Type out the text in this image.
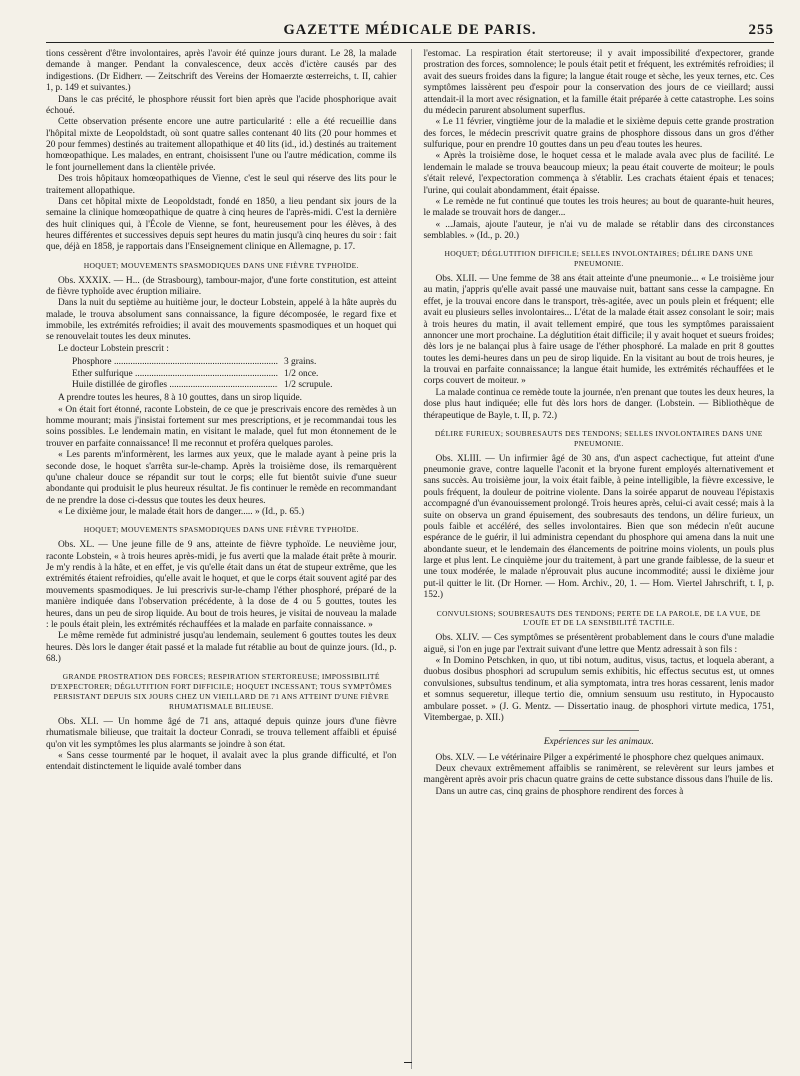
GAZETTE MÉDICALE DE PARIS.	255

tions cessèrent d'être involontaires, après l'avoir été quinze jours durant. Le 28, la malade demande à manger. Pendant la convalescence, deux accès d'ictère causés par des indigestions. (Dr Eidherr. — Zeitschrift des Vereins der Homaerzte œsterreichs, t. II, cahier 1, p. 149 et suivantes.)

Dans le cas précité, le phosphore réussit fort bien après que l'acide phosphorique avait échoué.

Cette observation présente encore une autre particularité : elle a été recueillie dans l'hôpital mixte de Leopoldstadt, où sont quatre salles contenant 40 lits (20 pour hommes et 20 pour femmes) destinés au traitement allopathique et 40 lits (id., id.) destinés au traitement homœopathique. Les malades, en entrant, choisissent l'une ou l'autre médication, comme ils le font journellement dans la clientèle privée.

Des trois hôpitaux homœopathiques de Vienne, c'est le seul qui réserve des lits pour le traitement allopathique.

Dans cet hôpital mixte de Leopoldstadt, fondé en 1850, a lieu pendant six jours de la semaine la clinique homœopathique de quatre à cinq heures de l'après-midi. C'est la dernière des huit cliniques qui, à l'École de Vienne, se font, heureusement pour les élèves, à des heures différentes et successives depuis sept heures du matin jusqu'à cinq heures du soir : fait que, déjà en 1858, je rapportais dans l'Enseignement clinique en Allemagne, p. 17.

HOQUET; MOUVEMENTS SPASMODIQUES DANS UNE FIÈVRE TYPHOÏDE.

Obs. XXXIX. — H... (de Strasbourg), tambour-major, d'une forte constitution, est atteint de fièvre typhoïde avec éruption miliaire.

Dans la nuit du septième au huitième jour, le docteur Lobstein, appelé à la hâte auprès du malade, le trouva absolument sans connaissance, la figure décomposée, le regard fixe et immobile, les extrémités refroidies; il avait des mouvements spasmodiques et un hoquet qui se renouvelait toutes les deux minutes.

Le docteur Lobstein prescrit :

Phosphore .....	3 grains.
Ether sulfurique .....	1/2 once.
Huile distillée de girofles .....	1/2 scrupule.

A prendre toutes les heures, 8 à 10 gouttes, dans un sirop liquide.

« On était fort étonné, raconte Lobstein, de ce que je prescrivais encore des remèdes à un homme mourant; mais j'insistai fortement sur mes prescriptions, et je recommandai tous les soins possibles. Le lendemain matin, en visitant le malade, quel fut mon étonnement de le trouver en parfaite connaissance! Il me reconnut et proféra quelques paroles.

« Les parents m'informèrent, les larmes aux yeux, que le malade ayant à peine pris la seconde dose, le hoquet s'arrêta sur-le-champ. Après la troisième dose, ils remarquèrent qu'une chaleur douce se répandit sur tout le corps; elle fut bientôt suivie d'une sueur abondante qui produisit le plus heureux résultat. Je fis continuer le remède en recommandant de ne prendre la dose ci-dessus que toutes les deux heures.

« Le dixième jour, le malade était hors de danger..... » (Id., p. 65.)

HOQUET; MOUVEMENTS SPASMODIQUES DANS UNE FIÈVRE TYPHOÏDE.

Obs. XL. — Une jeune fille de 9 ans, atteinte de fièvre typhoïde. Le neuvième jour, raconte Lobstein, « à trois heures après-midi, je fus averti que la malade était prête à mourir. Je m'y rendis à la hâte, et en effet, je vis qu'elle était dans un état de stupeur extrême, que les extrémités étaient refroidies, qu'elle avait le hoquet, et que le corps était souvent agité par des mouvements spasmodiques. Je lui prescrivis sur-le-champ l'éther phosphoré, préparé de la manière indiquée dans l'observation précédente, à la dose de 4 ou 5 gouttes, toutes les heures, dans un peu de sirop liquide. Au bout de trois heures, je visitai de nouveau la malade : le pouls était plein, les extrémités réchauffées et la malade en parfaite connaissance. »

Le même remède fut administré jusqu'au lendemain, seulement 6 gouttes toutes les deux heures. Dès lors le danger était passé et la malade fut rétablie au bout de quinze jours. (Id., p. 68.)

GRANDE PROSTRATION DES FORCES; RESPIRATION STERTOREUSE; IMPOSSIBILITÉ D'EXPECTORER; DÉGLUTITION FORT DIFFICILE; HOQUET INCESSANT; TOUS SYMPTÔMES PERSISTANT DEPUIS SIX JOURS CHEZ UN VIEILLARD DE 71 ANS ATTEINT D'UNE FIÈVRE RHUMATISMALE BILIEUSE.

Obs. XLI. — Un homme âgé de 71 ans, attaqué depuis quinze jours d'une fièvre rhumatismale bilieuse, que traitait la docteur Conradi, se trouva tellement affaibli et épuisé qu'on vit les symptômes les plus alarmants se joindre à son état.

« Sans cesse tourmenté par le hoquet, il avalait avec la plus grande difficulté, et l'on entendait distinctement le liquide avalé tomber dans

l'estomac. La respiration était stertoreuse; il y avait impossibilité d'expectorer, grande prostration des forces, somnolence; le pouls était petit et fréquent, les extrémités refroidies; il avait des sueurs froides dans la figure; la langue était rouge et sèche, les yeux ternes, etc. Ces symptômes laissèrent peu d'espoir pour la conservation des jours de ce vieillard; aussi attendait-il la mort avec résignation, et la famille était préparée à cette catastrophe. Les soins du médecin parurent absolument superflus.

« Le 11 février, vingtième jour de la maladie et le sixième depuis cette grande prostration des forces, le médecin prescrivit quatre grains de phosphore dissous dans un gros d'éther sulfurique, pour en prendre 10 gouttes dans un peu d'eau toutes les heures.

« Après la troisième dose, le hoquet cessa et le malade avala avec plus de facilité. Le lendemain le malade se trouva beaucoup mieux; la peau était couverte de moiteur; le pouls s'était relevé, l'expectoration commença à s'établir. Les crachats étaient épais et tenaces; l'urine, qui coulait abondamment, était épaisse.

« Le remède ne fut continué que toutes les trois heures; au bout de quarante-huit heures, le malade se trouvait hors de danger...

« ...Jamais, ajoute l'auteur, je n'ai vu de malade se rétablir dans des circonstances semblables. » (Id., p. 20.)

HOQUET; DÉGLUTITION DIFFICILE; SELLES INVOLONTAIRES; DÉLIRE DANS UNE PNEUMONIE.

Obs. XLII. — Une femme de 38 ans était atteinte d'une pneumonie... « Le troisième jour au matin, j'appris qu'elle avait passé une mauvaise nuit, battant sans cesse la campagne. En effet, je la trouvai encore dans le transport, très-agitée, avec un pouls plein et fréquent; elle avait eu plusieurs selles involontaires... L'état de la malade était assez consolant le soir; mais à trois heures du matin, il avait tellement empiré, que tous les symptômes paraissaient annoncer une mort prochaine. La déglutition était difficile; il y avait hoquet et sueurs froides; dès lors je ne balançai plus à faire usage de l'éther phosphoré. La malade en prit 8 gouttes toutes les demi-heures dans un peu de sirop liquide. En la visitant au bout de trois heures, je la trouvai en parfaite connaissance; la langue était humide, les extrémités réchauffées et le corps couvert de moiteur. »

La malade continua ce remède toute la journée, n'en prenant que toutes les deux heures, la dose plus haut indiquée; elle fut dès lors hors de danger. (Lobstein. — Bibliothèque de thérapeutique de Bayle, t. II, p. 72.)

DÉLIRE FURIEUX; SOUBRESAUTS DES TENDONS; SELLES INVOLONTAIRES DANS UNE PNEUMONIE.

Obs. XLIII. — Un infirmier âgé de 30 ans, d'un aspect cachectique, fut atteint d'une pneumonie grave, contre laquelle l'aconit et la bryone furent employés alternativement et sans succès. Au troisième jour, la voix était faible, à peine intelligible, la fièvre excessive, le pouls fréquent, la douleur de poitrine violente. Dans la soirée apparut de nouveau l'épistaxis accompagné d'un évanouissement prolongé. Trois heures après, celui-ci avait cessé; mais à la suite on observa un grand épuisement, des soubresauts des tendons, un délire furieux, un pouls faible et accéléré, des selles involontaires. Bien que son médecin n'eût aucune espérance de le guérir, il lui administra cependant du phosphore qui amena dans la nuit une abondante sueur, et le lendemain des élancements de poitrine moins violents, un pouls plus large et plus lent. Le cinquième jour du traitement, à part une grande faiblesse, de la sueur et une toux modérée, le malade n'éprouvait plus aucune incommodité; aussi le dixième jour put-il quitter le lit. (Dr Horner. — Hom. Archiv., 20, 1. — Hom. Viertel Jahrschrift, t. I, p. 152.)

CONVULSIONS; SOUBRESAUTS DES TENDONS; PERTE DE LA PAROLE, DE LA VUE, DE L'OUÏE ET DE LA SENSIBILITÉ TACTILE.

Obs. XLIV. — Ces symptômes se présentèrent probablement dans le cours d'une maladie aiguë, si l'on en juge par l'extrait suivant d'une lettre que Mentz adressait à son fils :

« In Domino Petschken, in quo, ut tibi notum, auditus, visus, tactus, et loquela aberant, a duobus dosibus phosphori ad scrupulum semis exhibitis, hic effectus secutus est, ut omnes convulsiones, subsultus tendinum, et alia symptomata, intra tres horas cessarent, lenis mador et somnus sequeretur, illeque tertio die, omnium sensuum usu restituto, in Hypocausto ambulare posset. » (J. G. Mentz. — Dissertatio inaug. de phosphori virtute medica, 1751, Vitembergae, p. XII.)

Expériences sur les animaux.

Obs. XLV. — Le vétérinaire Pilger a expérimenté le phosphore chez quelques animaux.

Deux chevaux extrêmement affaiblis se ranimèrent, se relevèrent sur leurs jambes et mangèrent après avoir pris chacun quatre grains de cette substance dissous dans l'huile de lis.

Dans un autre cas, cinq grains de phosphore rendirent des forces à
